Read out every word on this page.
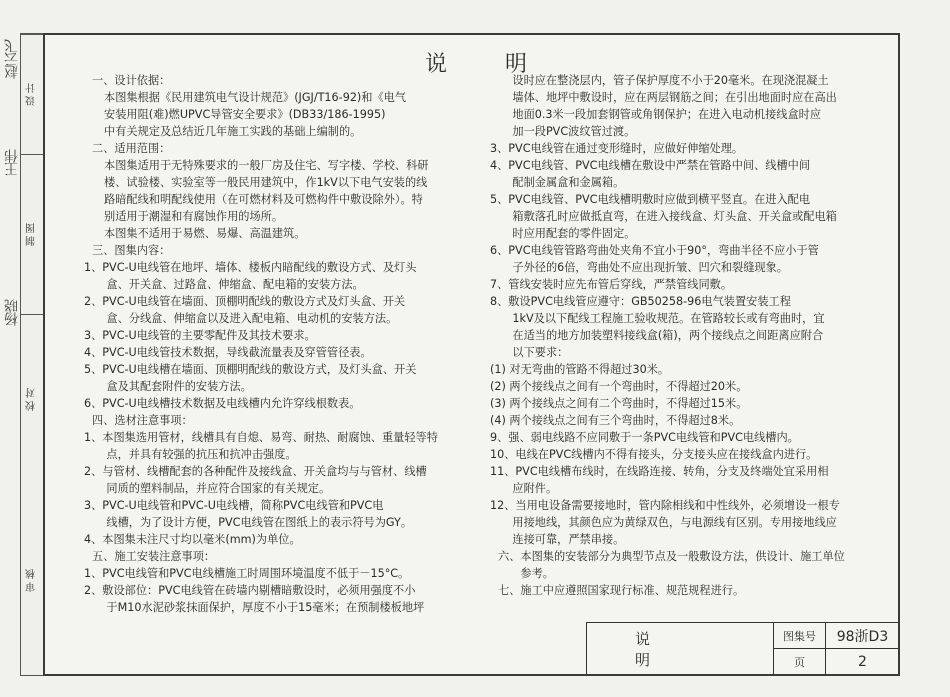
设 计
制 图
校 对
审 核
赵云飞
王伟
杨晓
说　明
一、设计依据：
本图集根据《民用建筑电气设计规范》(JGJ/T16-92)和《电气
安装用阻(难)燃UPVC导管安全要求》(DB33/186-1995)
中有关规定及总结近几年施工实践的基础上编制的。
二、适用范围：
本图集适用于无特殊要求的一般厂房及住宅、写字楼、学校、科研
楼、试验楼、实验室等一般民用建筑中，作1kV以下电气安装的线
路暗配线和明配线使用（在可燃材料及可燃构件中敷设除外）。特
别适用于潮湿和有腐蚀作用的场所。
本图集不适用于易燃、易爆、高温建筑。
三、图集内容：
1、PVC-U电线管在地坪、墙体、楼板内暗配线的敷设方式、及灯头
　　盒、开关盒、过路盒、伸缩盒、配电箱的安装方法。
2、PVC-U电线管在墙面、顶棚明配线的敷设方式及灯头盒、开关
　　盒、分线盒、伸缩盒以及进入配电箱、电动机的安装方法。
3、PVC-U电线管的主要零配件及其技术要求。
4、PVC-U电线管技术数据，导线截流量表及穿管管径表。
5、PVC-U电线槽在墙面、顶棚明配线的敷设方式，及灯头盒、开关
　　盒及其配套附件的安装方法。
6、PVC-U电线槽技术数据及电线槽内允许穿线根数表。
四、选材注意事项：
1、本图集选用管材，线槽具有自熄、易弯、耐热、耐腐蚀、重量轻等特
　　点，并具有较强的抗压和抗冲击强度。
2、与管材、线槽配套的各种配件及接线盒、开关盒均与与管材、线槽
　　同质的塑料制品，并应符合国家的有关规定。
3、PVC-U电线管和PVC-U电线槽，简称PVC电线管和PVC电
　　线槽，为了设计方便，PVC电线管在图纸上的表示符号为GY。
4、本图集未注尺寸均以毫米(mm)为单位。
五、施工安装注意事项：
1、PVC电线管和PVC电线槽施工时周围环境温度不低于－15°C。
2、敷设部位：PVC电线管在砖墙内剔槽暗敷设时，必须用强度不小
　　于M10水泥砂浆抹面保护，厚度不小于15毫米；在预制楼板地坪
　　设时应在整浇层内，管子保护厚度不小于20毫米。在现浇混凝土
　　墙体、地坪中敷设时，应在两层钢筋之间；在引出地面时应在高出
　　地面0.3米一段加套钢管或角钢保护；在进入电动机接线盒时应
　　加一段PVC波纹管过渡。
3、PVC电线管在通过变形缝时，应做好伸缩处理。
4、PVC电线管、PVC电线槽在敷设中严禁在管路中间、线槽中间
　　配制金属盒和金属箱。
5、PVC电线管、PVC电线槽明敷时应做到横平竖直。在进入配电
　　箱敷落孔时应做抵直弯，在进入接线盒、灯头盒、开关盒或配电箱
　　时应用配套的零件固定。
6、PVC电线管管路弯曲处夹角不宜小于90°，弯曲半径不应小于管
　　子外径的6倍，弯曲处不应出现折皱、凹穴和裂缝现象。
7、管线安装时应先布管后穿线，严禁管线同敷。
8、敷设PVC电线管应遵守：GB50258-96电气装置安装工程
　　1kV及以下配线工程施工验收规范。在管路较长或有弯曲时，宜
　　在适当的地方加装塑料接线盒(箱)，两个接线点之间距离应附合
　　以下要求：
(1) 对无弯曲的管路不得超过30米。
(2) 两个接线点之间有一个弯曲时，不得超过20米。
(3) 两个接线点之间有二个弯曲时，不得超过15米。
(4) 两个接线点之间有三个弯曲时，不得超过8米。
9、强、弱电线路不应同敷于一条PVC电线管和PVC电线槽内。
10、电线在PVC线槽内不得有接头，分支接头应在接线盒内进行。
11、PVC电线槽布线时，在线路连接、转角，分支及终端处宜采用相
　　应附件。
12、当用电设备需要接地时，管内除相线和中性线外，必须增设一根专
　　用接地线，其颜色应为黄绿双色，与电源线有区别。专用接地线应
　　连接可靠，严禁串接。
六、本图集的安装部分为典型节点及一般敷设方法，供设计、施工单位
　　参考。
七、施工中应遵照国家现行标准、规范规程进行。
说　明
图集号	98浙D3
页	2
